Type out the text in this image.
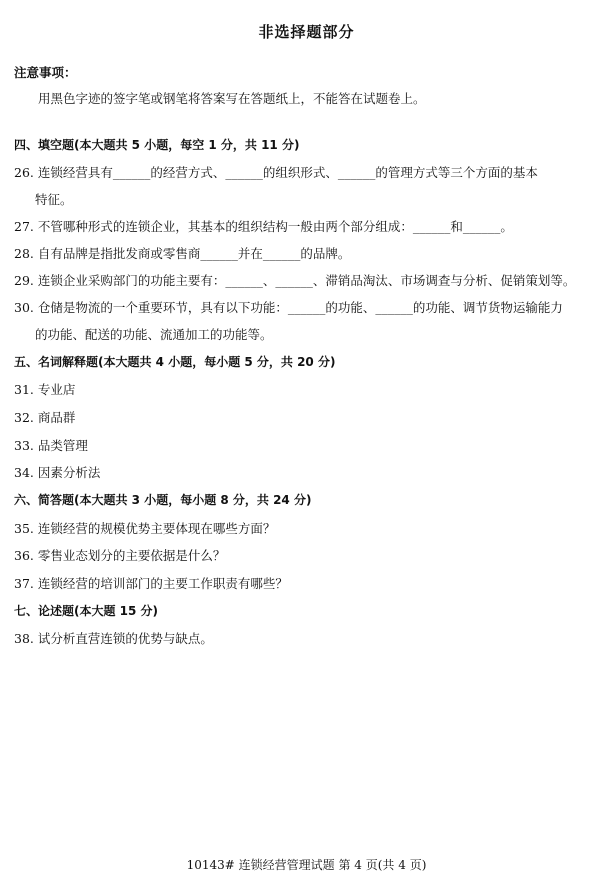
非选择题部分
注意事项：
用黑色字迹的签字笔或钢笔将答案写在答题纸上，不能答在试题卷上。
四、填空题(本大题共 5 小题，每空 1 分，共 11 分)
26. 连锁经营具有______的经营方式、______的组织形式、______的管理方式等三个方面的基本
特征。
27. 不管哪种形式的连锁企业，其基本的组织结构一般由两个部分组成：______和______。
28. 自有品牌是指批发商或零售商______并在______的品牌。
29. 连锁企业采购部门的功能主要有：______、______、滞销品淘汰、市场调查与分析、促销策划等。
30. 仓储是物流的一个重要环节，具有以下功能：______的功能、______的功能、调节货物运输能力
的功能、配送的功能、流通加工的功能等。
五、名词解释题(本大题共 4 小题，每小题 5 分，共 20 分)
31. 专业店
32. 商品群
33. 品类管理
34. 因素分析法
六、简答题(本大题共 3 小题，每小题 8 分，共 24 分)
35. 连锁经营的规模优势主要体现在哪些方面？
36. 零售业态划分的主要依据是什么？
37. 连锁经营的培训部门的主要工作职责有哪些？
七、论述题(本大题 15 分)
38. 试分析直营连锁的优势与缺点。
10143# 连锁经营管理试题 第 4 页(共 4 页)
